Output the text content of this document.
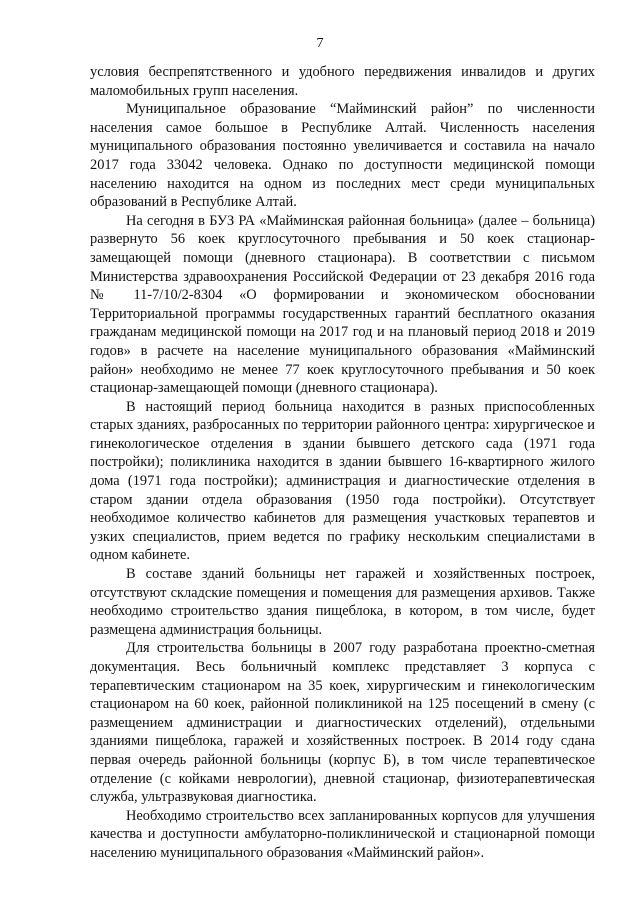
7

условия беспрепятственного и удобного передвижения инвалидов и других маломобильных групп населения.

Муниципальное образование “Майминский район” по численности населения самое большое в Республике Алтай. Численность населения муниципального образования постоянно увеличивается и составила на начало 2017 года 33042 человека. Однако по доступности медицинской помощи населению находится на одном из последних мест среди муниципальных образований в Республике Алтай.

На сегодня в БУЗ РА «Майминская районная больница» (далее – больница) развернуто 56 коек круглосуточного пребывания и 50 коек стационар-замещающей помощи (дневного стационара). В соответствии с письмом Министерства здравоохранения Российской Федерации от 23 декабря 2016 года № 11-7/10/2-8304 «О формировании и экономическом обосновании Территориальной программы государственных гарантий бесплатного оказания гражданам медицинской помощи на 2017 год и на плановый период 2018 и 2019 годов» в расчете на население муниципального образования «Майминский район» необходимо не менее 77 коек круглосуточного пребывания и 50 коек стационар-замещающей помощи (дневного стационара).

В настоящий период больница находится в разных приспособленных старых зданиях, разбросанных по территории районного центра: хирургическое и гинекологическое отделения в здании бывшего детского сада (1971 года постройки); поликлиника находится в здании бывшего 16-квартирного жилого дома (1971 года постройки); администрация и диагностические отделения в старом здании отдела образования (1950 года постройки). Отсутствует необходимое количество кабинетов для размещения участковых терапевтов и узких специалистов, прием ведется по графику нескольким специалистами в одном кабинете.

В составе зданий больницы нет гаражей и хозяйственных построек, отсутствуют складские помещения и помещения для размещения архивов. Также необходимо строительство здания пищеблока, в котором, в том числе, будет размещена администрация больницы.

Для строительства больницы в 2007 году разработана проектно-сметная документация. Весь больничный комплекс представляет 3 корпуса с терапевтическим стационаром на 35 коек, хирургическим и гинекологическим стационаром на 60 коек, районной поликлиникой на 125 посещений в смену (с размещением администрации и диагностических отделений), отдельными зданиями пищеблока, гаражей и хозяйственных построек. В 2014 году сдана первая очередь районной больницы (корпус Б), в том числе терапевтическое отделение (с койками неврологии), дневной стационар, физиотерапевтическая служба, ультразвуковая диагностика.

Необходимо строительство всех запланированных корпусов для улучшения качества и доступности амбулаторно-поликлинической и стационарной помощи населению муниципального образования «Майминский район».
